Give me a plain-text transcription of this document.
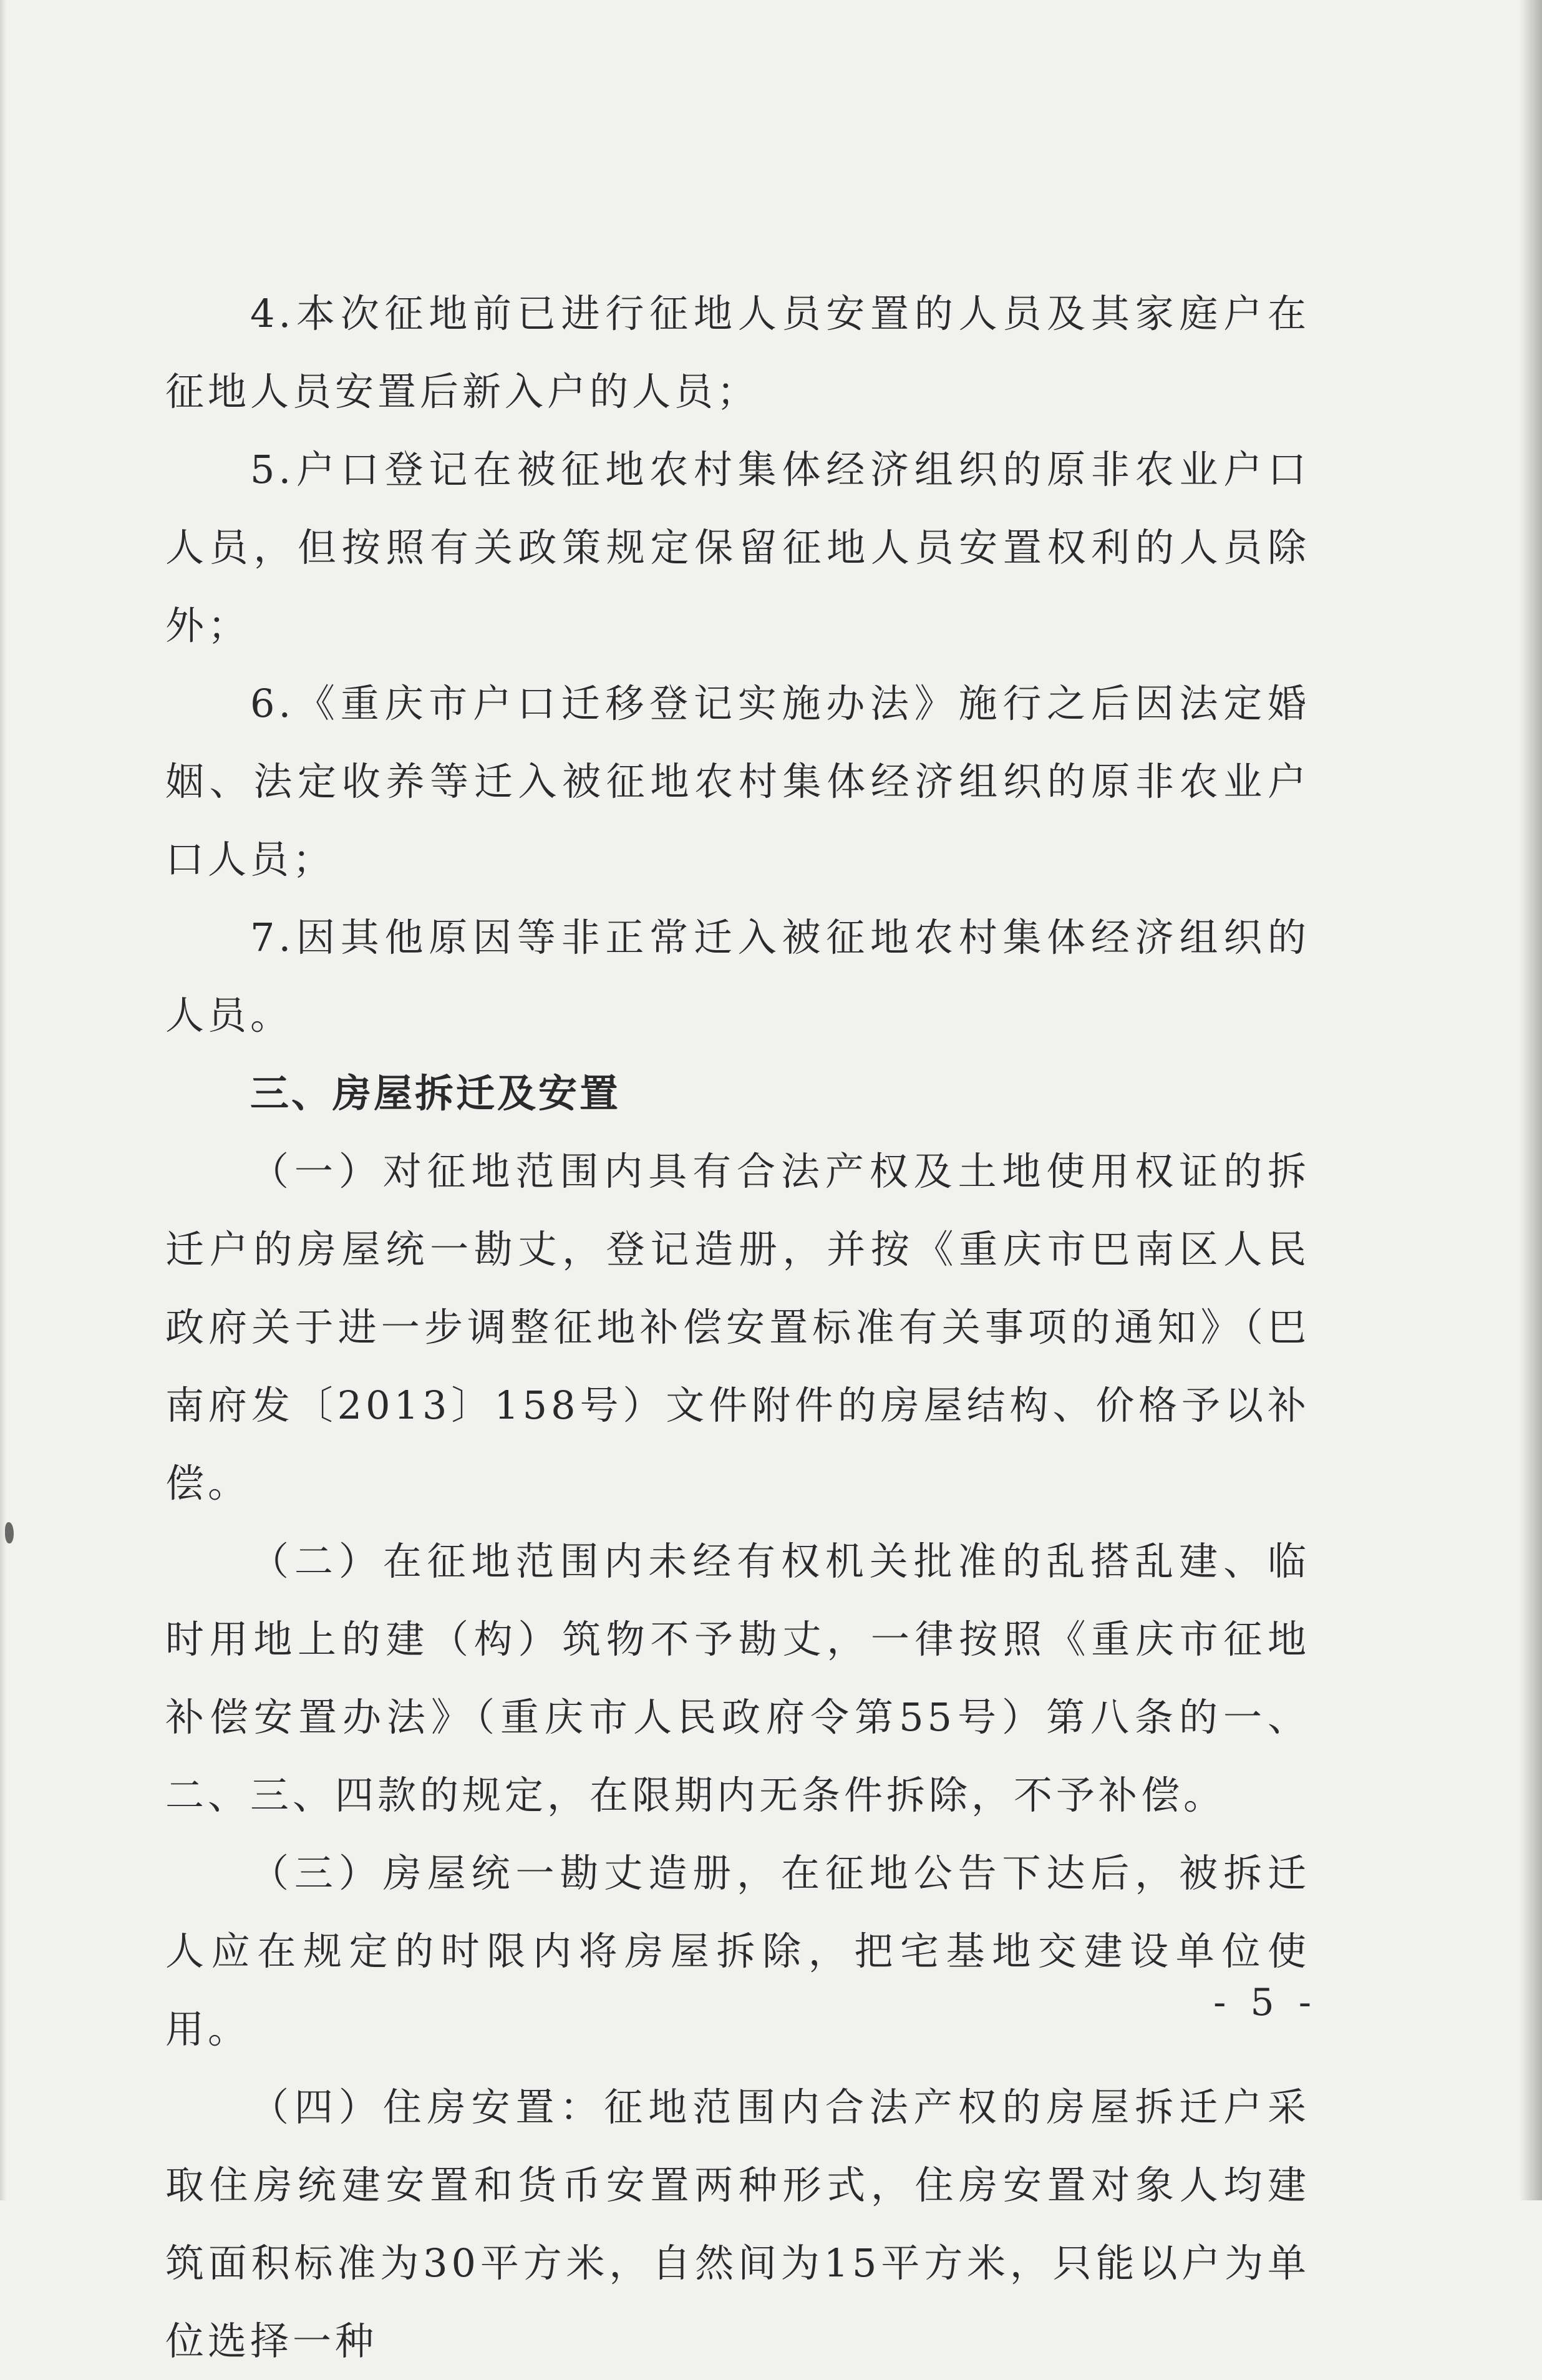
4.本次征地前已进行征地人员安置的人员及其家庭户在征地人员安置后新入户的人员；

5.户口登记在被征地农村集体经济组织的原非农业户口人员，但按照有关政策规定保留征地人员安置权利的人员除外；

6.《重庆市户口迁移登记实施办法》施行之后因法定婚姻、法定收养等迁入被征地农村集体经济组织的原非农业户口人员；

7.因其他原因等非正常迁入被征地农村集体经济组织的人员。

三、房屋拆迁及安置

（一）对征地范围内具有合法产权及土地使用权证的拆迁户的房屋统一勘丈，登记造册，并按《重庆市巴南区人民政府关于进一步调整征地补偿安置标准有关事项的通知》（巴南府发〔2013〕158号）文件附件的房屋结构、价格予以补偿。

（二）在征地范围内未经有权机关批准的乱搭乱建、临时用地上的建（构）筑物不予勘丈，一律按照《重庆市征地补偿安置办法》（重庆市人民政府令第55号）第八条的一、二、三、四款的规定，在限期内无条件拆除，不予补偿。

（三）房屋统一勘丈造册，在征地公告下达后，被拆迁人应在规定的时限内将房屋拆除，把宅基地交建设单位使用。

（四）住房安置：征地范围内合法产权的房屋拆迁户采取住房统建安置和货币安置两种形式，住房安置对象人均建筑面积标准为30平方米，自然间为15平方米，只能以户为单位选择一种

- 5 -
